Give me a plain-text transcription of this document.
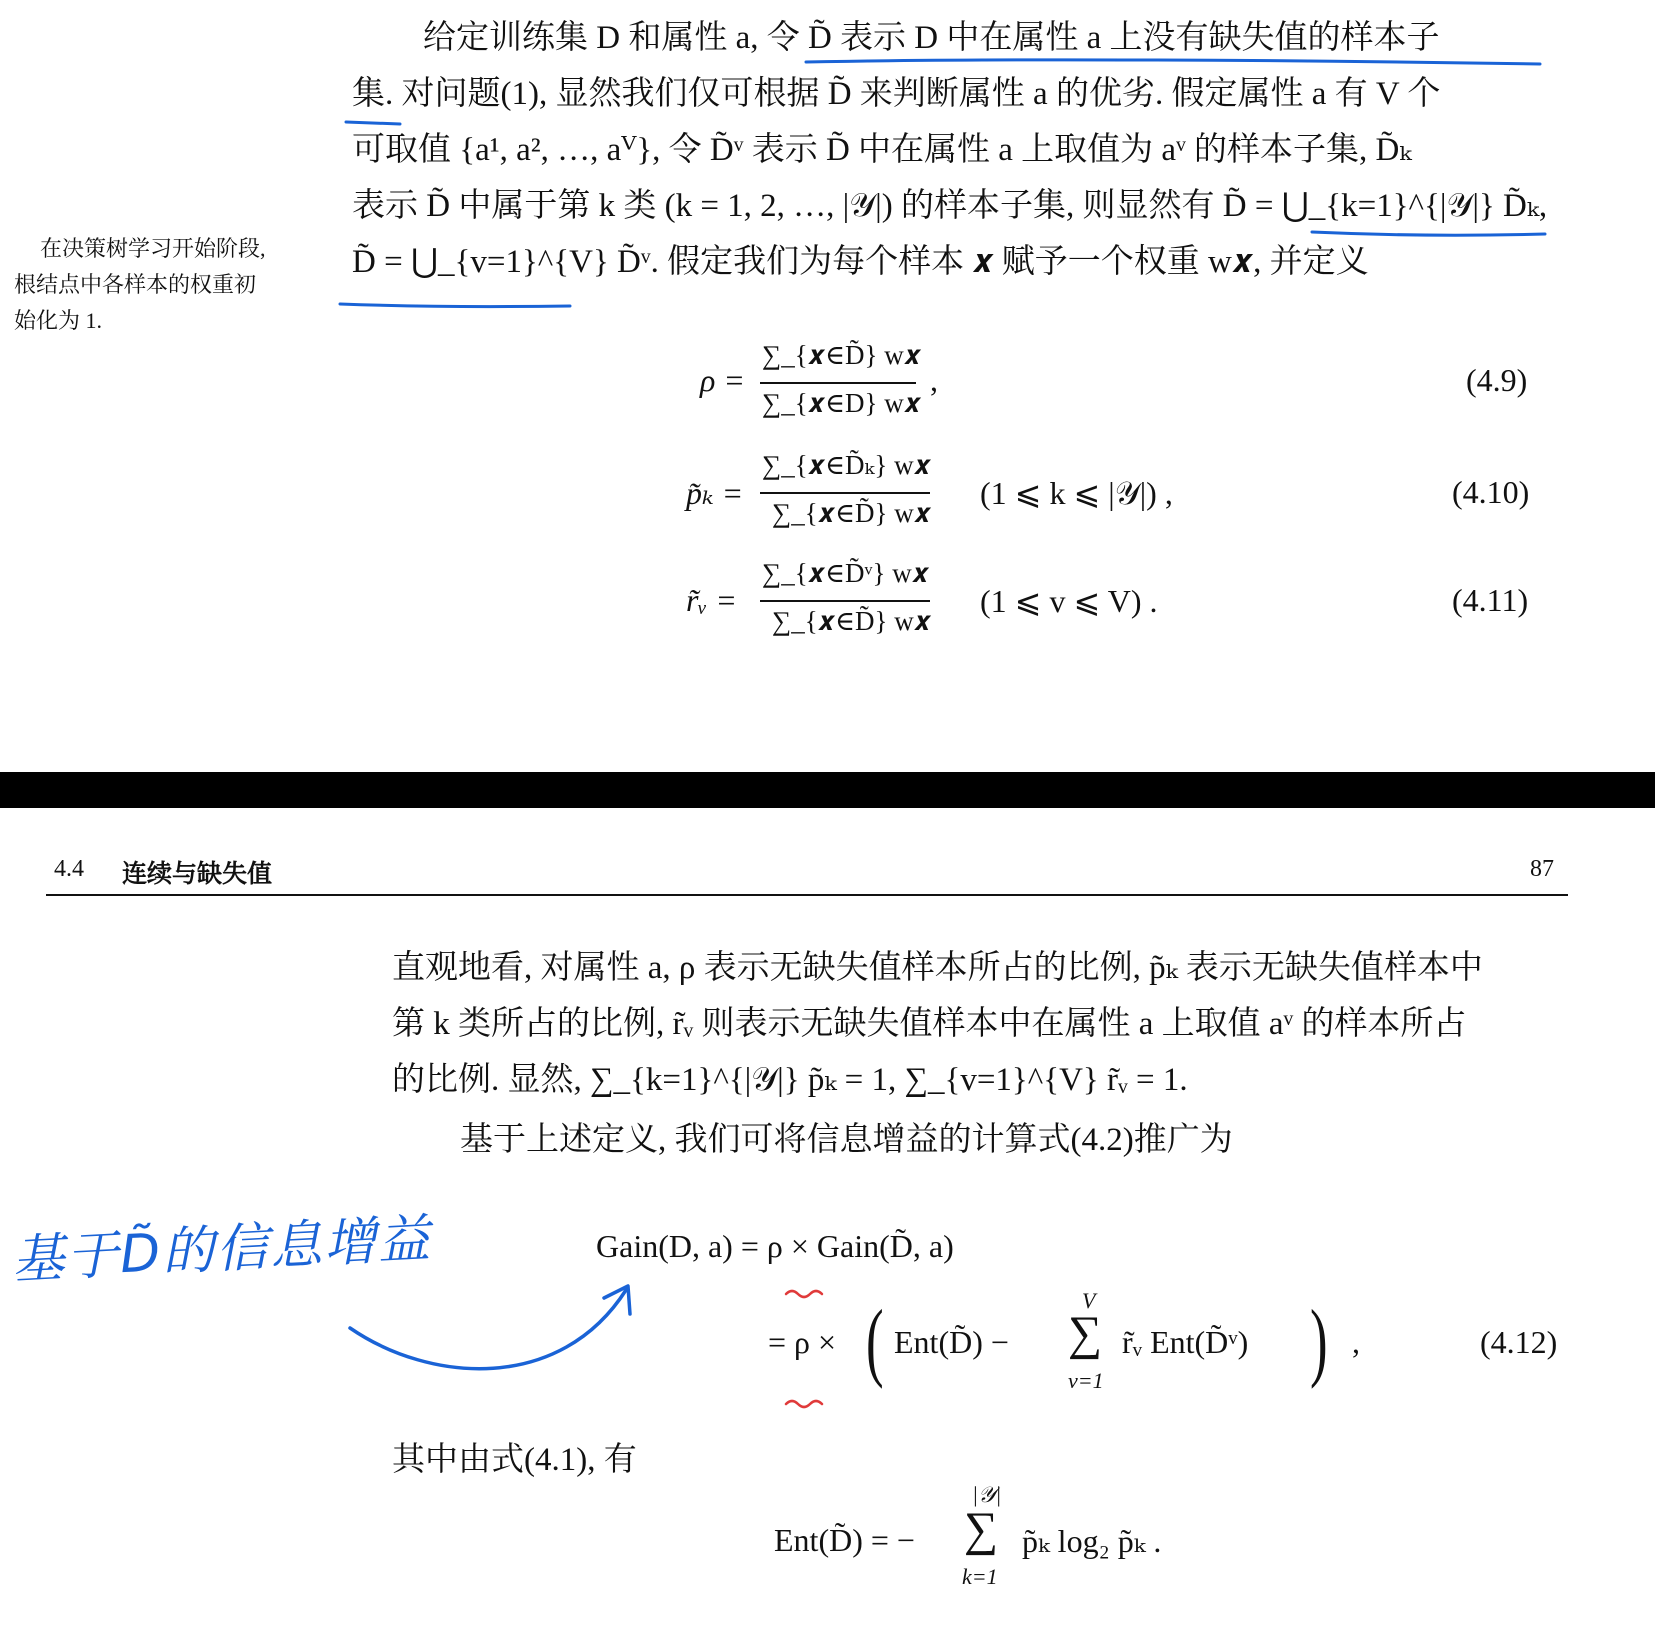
给定训练集 D 和属性 a, 令 D̃ 表示 D 中在属性 a 上没有缺失值的样本子
集. 对问题(1), 显然我们仅可根据 D̃ 来判断属性 a 的优劣. 假定属性 a 有 V 个
可取值 {a¹, a², …, aⱽ}, 令 D̃ᵛ 表示 D̃ 中在属性 a 上取值为 aᵛ 的样本子集, D̃ₖ
表示 D̃ 中属于第 k 类 (k = 1, 2, …, |𝒴|) 的样本子集, 则显然有 D̃ = ⋃_{k=1}^{|𝒴|} D̃ₖ,
D̃ = ⋃_{v=1}^{V} D̃ᵛ. 假定我们为每个样本 𝒙 赋予一个权重 w𝒙, 并定义
在决策树学习开始阶段,
根结点中各样本的权重初
始化为 1.
ρ =
∑_{𝒙∈D̃} w𝒙
∑_{𝒙∈D} w𝒙
,	(4.9)
p̃ₖ =
∑_{𝒙∈D̃ₖ} w𝒙
∑_{𝒙∈D̃} w𝒙
(1 ⩽ k ⩽ |𝒴|) ,	(4.10)
r̃ᵥ =
∑_{𝒙∈D̃ᵛ} w𝒙
∑_{𝒙∈D̃} w𝒙
(1 ⩽ v ⩽ V) .	(4.11)
4.4 连续与缺失值	87
直观地看, 对属性 a, ρ 表示无缺失值样本所占的比例, p̃ₖ 表示无缺失值样本中
第 k 类所占的比例, r̃ᵥ 则表示无缺失值样本中在属性 a 上取值 aᵛ 的样本所占
的比例. 显然, ∑_{k=1}^{|𝒴|} p̃ₖ = 1, ∑_{v=1}^{V} r̃ᵥ = 1.
基于上述定义, 我们可将信息增益的计算式(4.2)推广为
Gain(D, a) = ρ × Gain(D̃, a)
= ρ × ( Ent(D̃) −
V
∑
v=1
r̃ᵥ Ent(D̃ᵛ) ) ,	(4.12)
其中由式(4.1), 有
Ent(D̃) = −
|𝒴|
∑
k=1
p̃ₖ log₂ p̃ₖ .
基于D̃的信息增益
